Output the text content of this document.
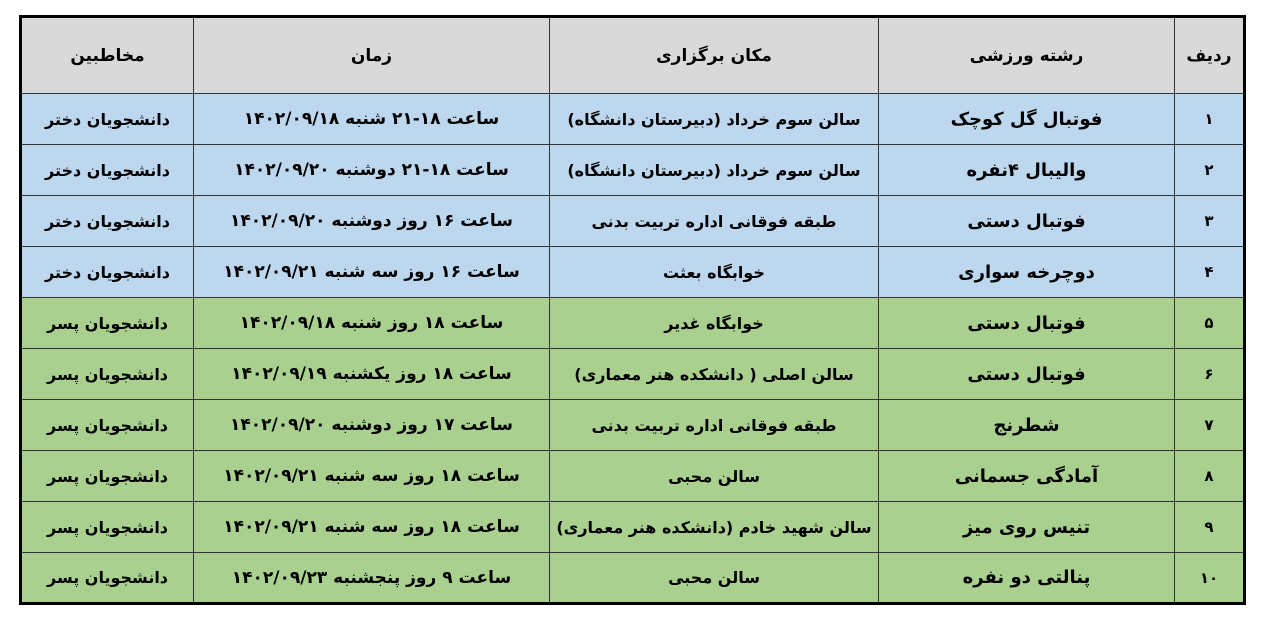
ردیف	رشته ورزشی	مکان برگزاری	زمان	مخاطبین
۱	فوتبال گل کوچک	سالن سوم خرداد (دبیرستان دانشگاه)	ساعت ۱۸-۲۱ شنبه ۱۴۰۲/۰۹/۱۸	دانشجویان دختر
۲	والیبال ۴نفره	سالن سوم خرداد (دبیرستان دانشگاه)	ساعت ۱۸-۲۱ دوشنبه ۱۴۰۲/۰۹/۲۰	دانشجویان دختر
۳	فوتبال دستی	طبقه فوقانی اداره تربیت بدنی	ساعت ۱۶ روز دوشنبه ۱۴۰۲/۰۹/۲۰	دانشجویان دختر
۴	دوچرخه سواری	خوابگاه بعثت	ساعت ۱۶ روز سه شنبه ۱۴۰۲/۰۹/۲۱	دانشجویان دختر
۵	فوتبال دستی	خوابگاه غدیر	ساعت ۱۸ روز شنبه ۱۴۰۲/۰۹/۱۸	دانشجویان پسر
۶	فوتبال دستی	سالن اصلی ( دانشکده هنر معماری)	ساعت ۱۸ روز یکشنبه ۱۴۰۲/۰۹/۱۹	دانشجویان پسر
۷	شطرنج	طبقه فوقانی اداره تربیت بدنی	ساعت ۱۷ روز دوشنبه ۱۴۰۲/۰۹/۲۰	دانشجویان پسر
۸	آمادگی جسمانی	سالن محبی	ساعت ۱۸ روز سه شنبه ۱۴۰۲/۰۹/۲۱	دانشجویان پسر
۹	تنیس روی میز	سالن شهید خادم (دانشکده هنر معماری)	ساعت ۱۸ روز سه شنبه ۱۴۰۲/۰۹/۲۱	دانشجویان پسر
۱۰	پنالتی دو نفره	سالن محبی	ساعت ۹ روز پنجشنبه ۱۴۰۲/۰۹/۲۳	دانشجویان پسر
